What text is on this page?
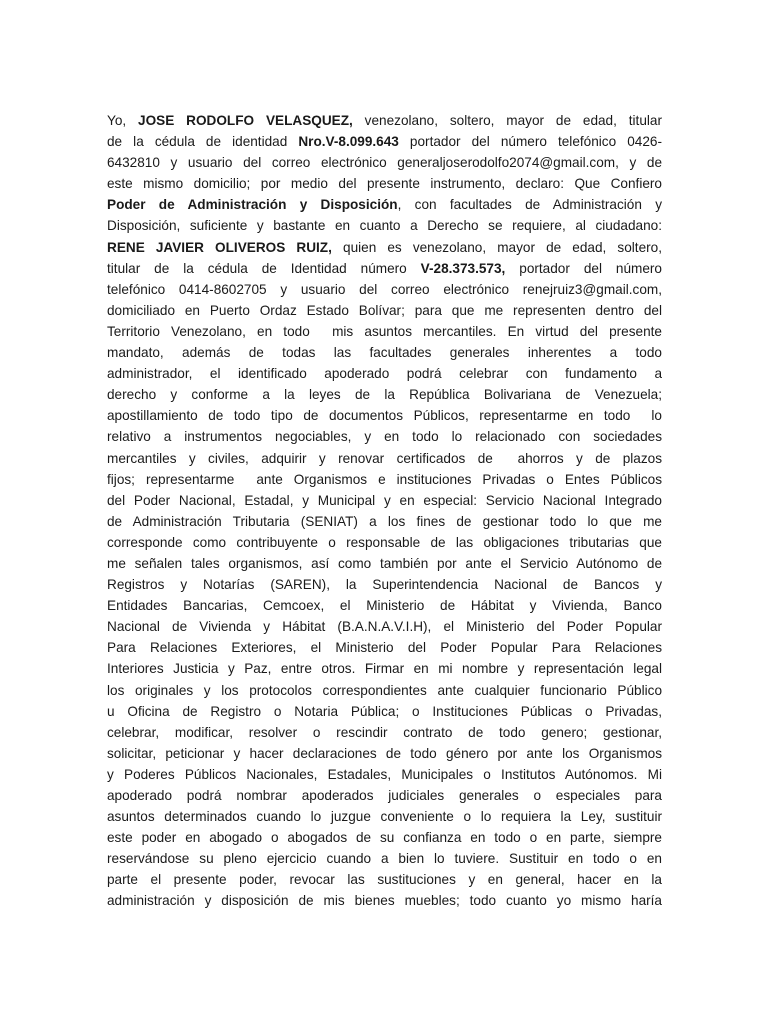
Yo, JOSE RODOLFO VELASQUEZ, venezolano, soltero, mayor de edad, titular
de la cédula de identidad Nro.V-8.099.643 portador del número telefónico 0426-
6432810 y usuario del correo electrónico generaljoserodolfo2074@gmail.com, y de
este mismo domicilio; por medio del presente instrumento, declaro: Que Confiero
Poder de Administración y Disposición, con facultades de Administración y
Disposición, suficiente y bastante en cuanto a Derecho se requiere, al ciudadano:
RENE JAVIER OLIVEROS RUIZ, quien es venezolano, mayor de edad, soltero,
titular de la cédula de Identidad número V-28.373.573, portador del número
telefónico 0414-8602705 y usuario del correo electrónico renejruiz3@gmail.com,
domiciliado en Puerto Ordaz Estado Bolívar; para que me representen dentro del
Territorio Venezolano, en todo  mis asuntos mercantiles. En virtud del presente
mandato, además de todas las facultades generales inherentes a todo
administrador, el identificado apoderado podrá celebrar con fundamento a
derecho y conforme a la leyes de la República Bolivariana de Venezuela;
apostillamiento de todo tipo de documentos Públicos, representarme en todo  lo
relativo a instrumentos negociables, y en todo lo relacionado con sociedades
mercantiles y civiles, adquirir y renovar certificados de  ahorros y de plazos
fijos; representarme  ante Organismos e instituciones Privadas o Entes Públicos
del Poder Nacional, Estadal, y Municipal y en especial: Servicio Nacional Integrado
de Administración Tributaria (SENIAT) a los fines de gestionar todo lo que me
corresponde como contribuyente o responsable de las obligaciones tributarias que
me señalen tales organismos, así como también por ante el Servicio Autónomo de
Registros y Notarías (SAREN), la Superintendencia Nacional de Bancos y
Entidades Bancarias, Cemcoex, el Ministerio de Hábitat y Vivienda, Banco
Nacional de Vivienda y Hábitat (B.A.N.A.V.I.H), el Ministerio del Poder Popular
Para Relaciones Exteriores, el Ministerio del Poder Popular Para Relaciones
Interiores Justicia y Paz, entre otros. Firmar en mi nombre y representación legal
los originales y los protocolos correspondientes ante cualquier funcionario Público
u Oficina de Registro o Notaria Pública; o Instituciones Públicas o Privadas,
celebrar, modificar, resolver o rescindir contrato de todo genero; gestionar,
solicitar, peticionar y hacer declaraciones de todo género por ante los Organismos
y Poderes Públicos Nacionales, Estadales, Municipales o Institutos Autónomos. Mi
apoderado podrá nombrar apoderados judiciales generales o especiales para
asuntos determinados cuando lo juzgue conveniente o lo requiera la Ley, sustituir
este poder en abogado o abogados de su confianza en todo o en parte, siempre
reservándose su pleno ejercicio cuando a bien lo tuviere. Sustituir en todo o en
parte el presente poder, revocar las sustituciones y en general, hacer en la
administración y disposición de mis bienes muebles; todo cuanto yo mismo haría
